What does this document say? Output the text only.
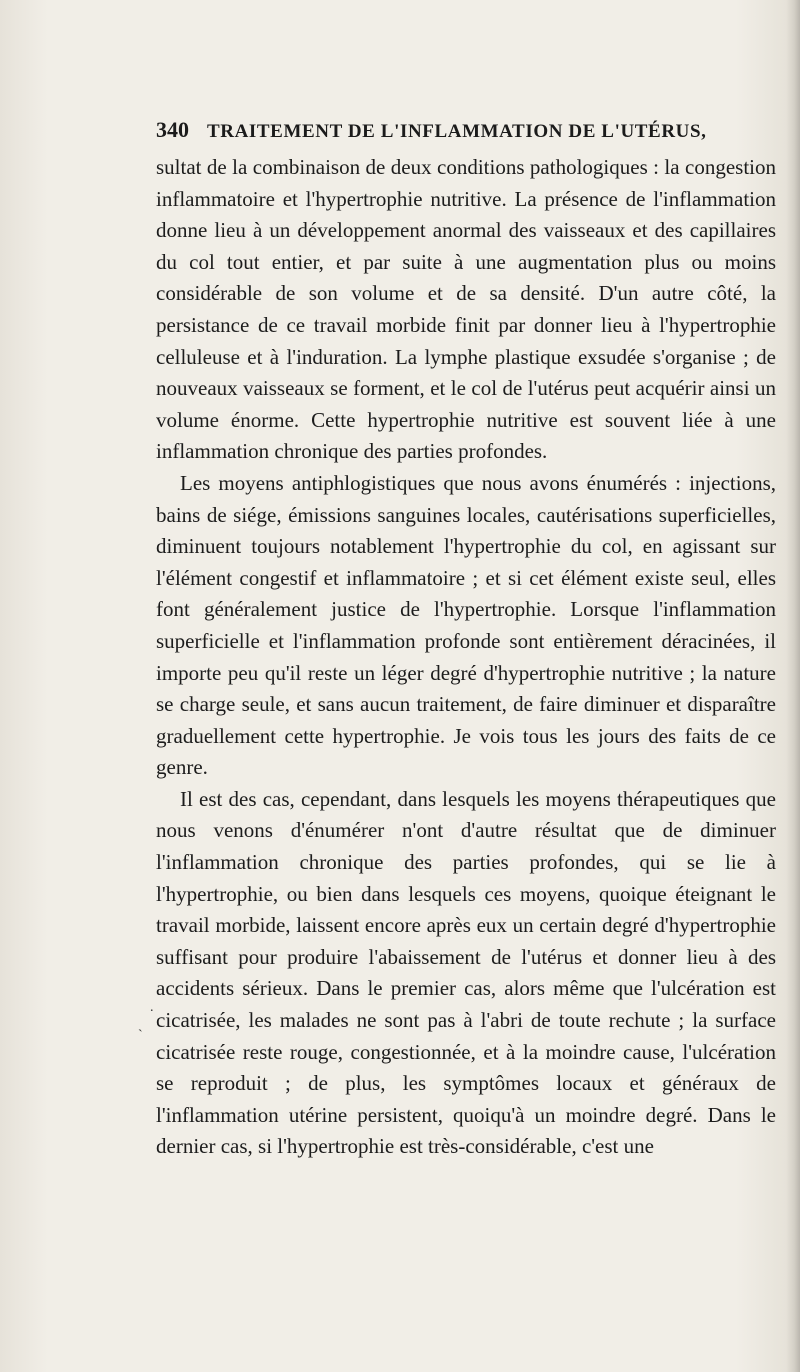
340 TRAITEMENT DE L'INFLAMMATION DE L'UTÉRUS,

sultat de la combinaison de deux conditions pathologiques : la congestion inflammatoire et l'hypertrophie nutritive. La présence de l'inflammation donne lieu à un développement anormal des vaisseaux et des capillaires du col tout entier, et par suite à une augmentation plus ou moins considérable de son volume et de sa densité. D'un autre côté, la persistance de ce travail morbide finit par donner lieu à l'hypertrophie celluleuse et à l'induration. La lymphe plastique exsudée s'organise ; de nouveaux vaisseaux se forment, et le col de l'utérus peut acquérir ainsi un volume énorme. Cette hypertrophie nutritive est souvent liée à une inflammation chronique des parties profondes.

Les moyens antiphlogistiques que nous avons énumérés : injections, bains de siége, émissions sanguines locales, cautérisations superficielles, diminuent toujours notablement l'hypertrophie du col, en agissant sur l'élément congestif et inflammatoire ; et si cet élément existe seul, elles font généralement justice de l'hypertrophie. Lorsque l'inflammation superficielle et l'inflammation profonde sont entièrement déracinées, il importe peu qu'il reste un léger degré d'hypertrophie nutritive ; la nature se charge seule, et sans aucun traitement, de faire diminuer et disparaître graduellement cette hypertrophie. Je vois tous les jours des faits de ce genre.

Il est des cas, cependant, dans lesquels les moyens thérapeutiques que nous venons d'énumérer n'ont d'autre résultat que de diminuer l'inflammation chronique des parties profondes, qui se lie à l'hypertrophie, ou bien dans lesquels ces moyens, quoique éteignant le travail morbide, laissent encore après eux un certain degré d'hypertrophie suffisant pour produire l'abaissement de l'utérus et donner lieu à des accidents sérieux. Dans le premier cas, alors même que l'ulcération est cicatrisée, les malades ne sont pas à l'abri de toute rechute ; la surface cicatrisée reste rouge, congestionnée, et à la moindre cause, l'ulcération se reproduit ; de plus, les symptômes locaux et généraux de l'inflammation utérine persistent, quoiqu'à un moindre degré. Dans le dernier cas, si l'hypertrophie est très-considérable, c'est une

.
`
